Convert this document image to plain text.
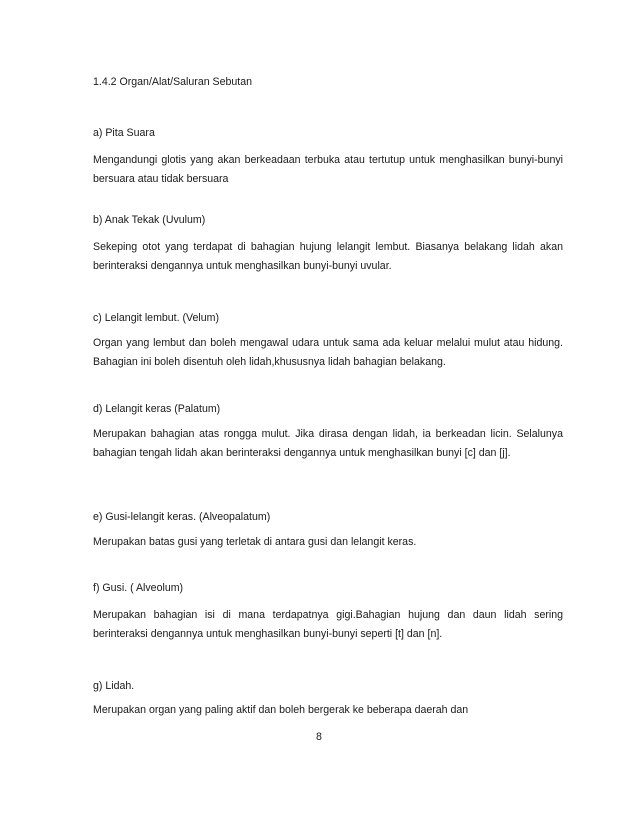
1.4.2 Organ/Alat/Saluran Sebutan
a) Pita Suara
Mengandungi glotis yang akan berkeadaan terbuka atau tertutup untuk menghasilkan bunyi-bunyi bersuara atau tidak bersuara
b) Anak Tekak (Uvulum)
Sekeping otot yang terdapat di bahagian hujung lelangit lembut. Biasanya belakang lidah akan berinteraksi dengannya untuk menghasilkan bunyi-bunyi uvular.
c) Lelangit lembut. (Velum)
Organ yang lembut dan boleh mengawal udara untuk sama ada keluar melalui mulut atau hidung. Bahagian ini boleh disentuh oleh lidah,khususnya lidah bahagian belakang.
d) Lelangit keras (Palatum)
Merupakan bahagian atas rongga mulut. Jika dirasa dengan lidah, ia berkeadan licin. Selalunya bahagian tengah lidah akan berinteraksi dengannya untuk menghasilkan bunyi [c] dan [j].
e) Gusi-lelangit keras. (Alveopalatum)
Merupakan batas gusi yang terletak di antara gusi dan lelangit keras.
f) Gusi. ( Alveolum)
Merupakan bahagian isi di mana terdapatnya gigi.Bahagian hujung dan daun lidah sering berinteraksi dengannya untuk menghasilkan bunyi-bunyi seperti [t] dan [n].
g) Lidah.
Merupakan organ yang paling aktif dan boleh bergerak ke beberapa daerah dan
8
